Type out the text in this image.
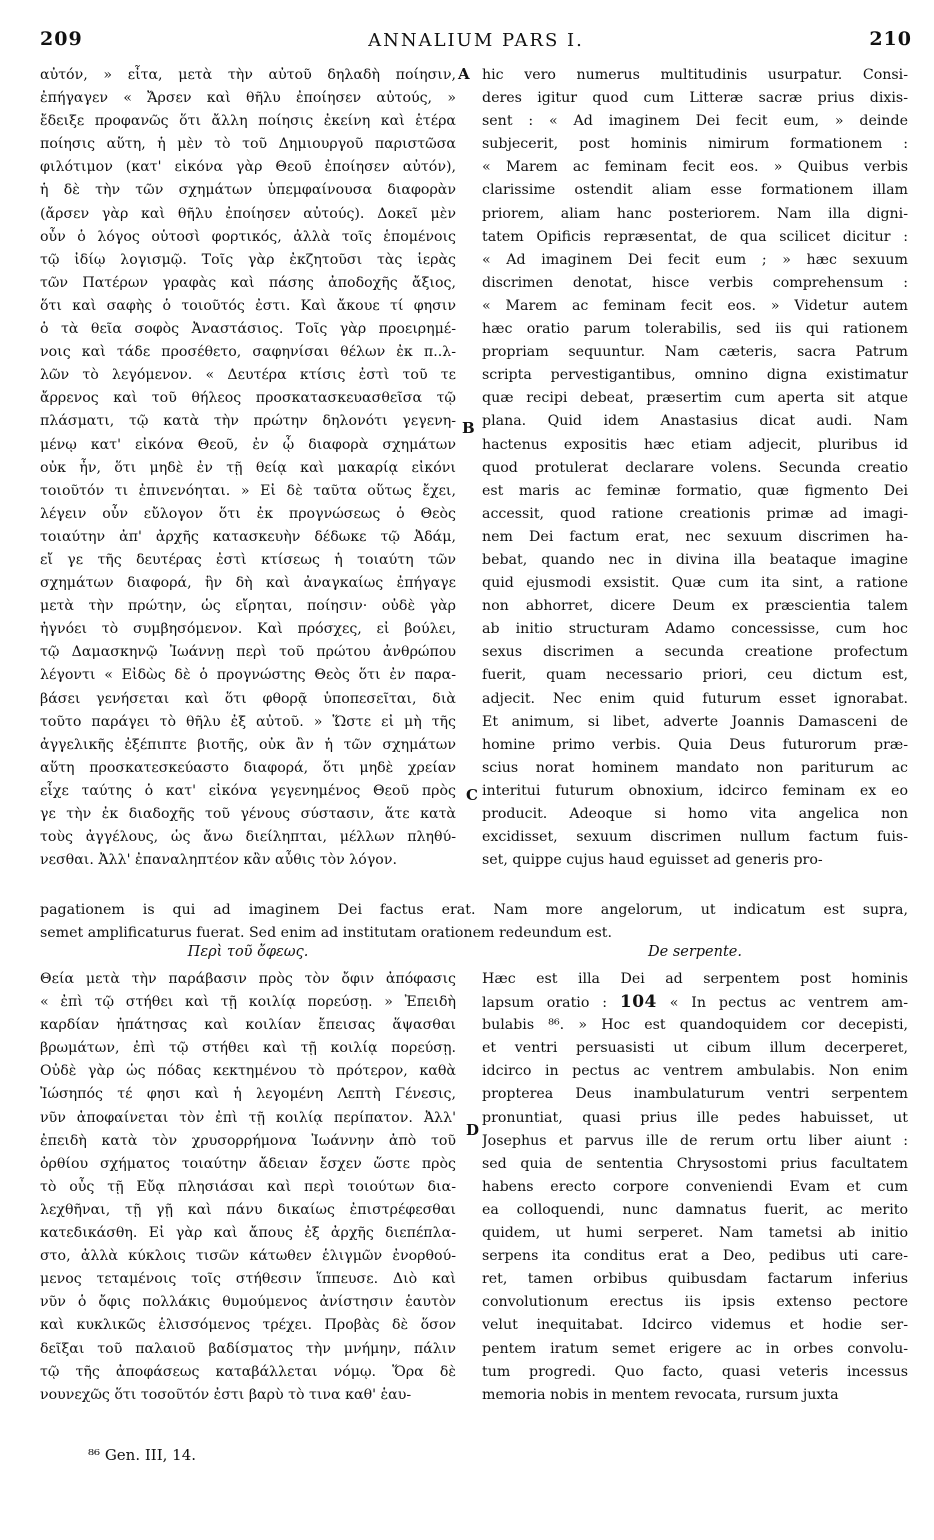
209	ANNALIUM PARS I.	210
αὐτόν, » εἶτα, μετὰ τὴν αὐτοῦ δηλαδὴ ποίησιν,
ἐπήγαγεν « Ἄρσεν καὶ θῆλυ ἐποίησεν αὐτούς, »
ἔδειξε προφανῶς ὅτι ἄλλη ποίησις ἐκείνη καὶ ἑτέρα
ποίησις αὕτη, ἡ μὲν τὸ τοῦ Δημιουργοῦ παριστῶσα
φιλότιμον (κατ' εἰκόνα γὰρ Θεοῦ ἐποίησεν αὐτόν),
ἡ δὲ τὴν τῶν σχημάτων ὑπεμφαίνουσα διαφορὰν
(ἄρσεν γὰρ καὶ θῆλυ ἐποίησεν αὐτούς). Δοκεῖ μὲν
οὖν ὁ λόγος οὑτοσὶ φορτικός, ἀλλὰ τοῖς ἑπομένοις
τῷ ἰδίῳ λογισμῷ. Τοῖς γὰρ ἐκζητοῦσι τὰς ἱερὰς
τῶν Πατέρων γραφὰς καὶ πάσης ἀποδοχῆς ἄξιος,
ὅτι καὶ σαφὴς ὁ τοιοῦτός ἐστι. Καὶ ἄκουε τί φησιν
ὁ τὰ θεῖα σοφὸς Ἀναστάσιος. Τοῖς γὰρ προειρημέ-
νοις καὶ τάδε προσέθετο, σαφηνίσαι θέλων ἐκ π..λ-
λῶν τὸ λεγόμενον. « Δευτέρα κτίσις ἐστὶ τοῦ τε
ἄρρενος καὶ τοῦ θήλεος προσκατασκευασθεῖσα τῷ
πλάσματι, τῷ κατὰ τὴν πρώτην δηλονότι γεγενη-
μένῳ κατ' εἰκόνα Θεοῦ, ἐν ᾧ διαφορὰ σχημάτων
οὐκ ἦν, ὅτι μηδὲ ἐν τῇ θείᾳ καὶ μακαρίᾳ εἰκόνι
τοιοῦτόν τι ἐπινενόηται. » Εἰ δὲ ταῦτα οὕτως ἔχει,
λέγειν οὖν εὔλογον ὅτι ἐκ προγνώσεως ὁ Θεὸς
τοιαύτην ἀπ' ἀρχῆς κατασκευὴν δέδωκε τῷ Ἀδάμ,
εἴ γε τῆς δευτέρας ἐστὶ κτίσεως ἡ τοιαύτη τῶν
σχημάτων διαφορά, ἣν δὴ καὶ ἀναγκαίως ἐπήγαγε
μετὰ τὴν πρώτην, ὡς εἴρηται, ποίησιν· οὐδὲ γὰρ
ἠγνόει τὸ συμβησόμενον. Καὶ πρόσχες, εἰ βούλει,
τῷ Δαμασκηνῷ Ἰωάννῃ περὶ τοῦ πρώτου ἀνθρώπου
λέγοντι « Εἰδὼς δὲ ὁ προγνώστης Θεὸς ὅτι ἐν παρα-
βάσει γενήσεται καὶ ὅτι φθορᾷ ὑποπεσεῖται, διὰ
τοῦτο παράγει τὸ θῆλυ ἐξ αὐτοῦ. » Ὥστε εἰ μὴ τῆς
ἀγγελικῆς ἐξέπιπτε βιοτῆς, οὐκ ἂν ἡ τῶν σχημάτων
αὕτη προσκατεσκεύαστο διαφορά, ὅτι μηδὲ χρείαν
εἶχε ταύτης ὁ κατ' εἰκόνα γεγενημένος Θεοῦ πρὸς
γε τὴν ἐκ διαδοχῆς τοῦ γένους σύστασιν, ἅτε κατὰ
τοὺς ἀγγέλους, ὡς ἄνω διείληπται, μέλλων πληθύ-
νεσθαι. Ἀλλ' ἐπαναληπτέον κἂν αὖθις τὸν λόγον.
hic vero numerus multitudinis usurpatur. Consi-
deres igitur quod cum Litteræ sacræ prius dixis-
sent : « Ad imaginem Dei fecit eum, » deinde
subjecerit, post hominis nimirum formationem :
« Marem ac feminam fecit eos. » Quibus verbis
clarissime ostendit aliam esse formationem illam
priorem, aliam hanc posteriorem. Nam illa digni-
tatem Opificis repræsentat, de qua scilicet dicitur :
« Ad imaginem Dei fecit eum ; » hæc sexuum
discrimen denotat, hisce verbis comprehensum :
« Marem ac feminam fecit eos. » Videtur autem
hæc oratio parum tolerabilis, sed iis qui rationem
propriam sequuntur. Nam cæteris, sacra Patrum
scripta pervestigantibus, omnino digna existimatur
quæ recipi debeat, præsertim cum aperta sit atque
plana. Quid idem Anastasius dicat audi. Nam
hactenus expositis hæc etiam adjecit, pluribus id
quod protulerat declarare volens. Secunda creatio
est maris ac feminæ formatio, quæ figmento Dei
accessit, quod ratione creationis primæ ad imagi-
nem Dei factum erat, nec sexuum discrimen ha-
bebat, quando nec in divina illa beataque imagine
quid ejusmodi exsistit. Quæ cum ita sint, a ratione
non abhorret, dicere Deum ex præscientia talem
ab initio structuram Adamo concessisse, cum hoc
sexus discrimen a secunda creatione profectum
fuerit, quam necessario priori, ceu dictum est,
adjecit. Nec enim quid futurum esset ignorabat.
Et animum, si libet, adverte Joannis Damasceni de
homine primo verbis. Quia Deus futurorum præ-
scius norat hominem mandato non pariturum ac
interitui futurum obnoxium, idcirco feminam ex eo
producit. Adeoque si homo vita angelica non
excidisset, sexuum discrimen nullum factum fuis-
set, quippe cujus haud eguisset ad generis pro-
A
B
C
D
pagationem is qui ad imaginem Dei factus erat. Nam more angelorum, ut indicatum est supra,
semet amplificaturus fuerat. Sed enim ad institutam orationem redeundum est.
Περὶ τοῦ ὄφεως.	De serpente.
Θεία μετὰ τὴν παράβασιν πρὸς τὸν ὄφιν ἀπόφασις
« ἐπὶ τῷ στήθει καὶ τῇ κοιλίᾳ πορεύσῃ. » Ἐπειδὴ
καρδίαν ἠπάτησας καὶ κοιλίαν ἔπεισας ἅψασθαι
βρωμάτων, ἐπὶ τῷ στήθει καὶ τῇ κοιλίᾳ πορεύσῃ.
Οὐδὲ γὰρ ὡς πόδας κεκτημένου τὸ πρότερον, καθὰ
Ἰώσηπός τέ φησι καὶ ἡ λεγομένη Λεπτὴ Γένεσις,
νῦν ἀποφαίνεται τὸν ἐπὶ τῇ κοιλίᾳ περίπατον. Ἀλλ'
ἐπειδὴ κατὰ τὸν χρυσορρήμονα Ἰωάννην ἀπὸ τοῦ
ὀρθίου σχήματος τοιαύτην ἄδειαν ἔσχεν ὥστε πρὸς
τὸ οὖς τῇ Εὔᾳ πλησιάσαι καὶ περὶ τοιούτων δια-
λεχθῆναι, τῇ γῇ καὶ πάνυ δικαίως ἐπιστρέφεσθαι
κατεδικάσθη. Εἰ γὰρ καὶ ἄπους ἐξ ἀρχῆς διεπέπλα-
στο, ἀλλὰ κύκλοις τισῶν κάτωθεν ἑλιγμῶν ἐνορθού-
μενος τεταμένοις τοῖς στήθεσιν ἵππευσε. Διὸ καὶ
νῦν ὁ ὄφις πολλάκις θυμούμενος ἀνίστησιν ἑαυτὸν
καὶ κυκλικῶς ἑλισσόμενος τρέχει. Προβὰς δὲ ὅσον
δεῖξαι τοῦ παλαιοῦ βαδίσματος τὴν μνήμην, πάλιν
τῷ τῆς ἀποφάσεως καταβάλλεται νόμῳ. Ὅρα δὲ
νουνεχῶς ὅτι τοσοῦτόν ἐστι βαρὺ τὸ τινα καθ' ἑαυ-
Hæc est illa Dei ad serpentem post hominis
lapsum oratio : 104 « In pectus ac ventrem am-
bulabis ⁸⁶. » Hoc est quandoquidem cor decepisti,
et ventri persuasisti ut cibum illum decerperet,
idcirco in pectus ac ventrem ambulabis. Non enim
propterea Deus inambulaturum ventri serpentem
pronuntiat, quasi prius ille pedes habuisset, ut
Josephus et parvus ille de rerum ortu liber aiunt :
sed quia de sententia Chrysostomi prius facultatem
habens erecto corpore conveniendi Evam et cum
ea colloquendi, nunc damnatus fuerit, ac merito
quidem, ut humi serperet. Nam tametsi ab initio
serpens ita conditus erat a Deo, pedibus uti care-
ret, tamen orbibus quibusdam factarum inferius
convolutionum erectus iis ipsis extenso pectore
velut inequitabat. Idcirco videmus et hodie ser-
pentem iratum semet erigere ac in orbes convolu-
tum progredi. Quo facto, quasi veteris incessus
memoria nobis in mentem revocata, rursum juxta
⁸⁶ Gen. III, 14.
